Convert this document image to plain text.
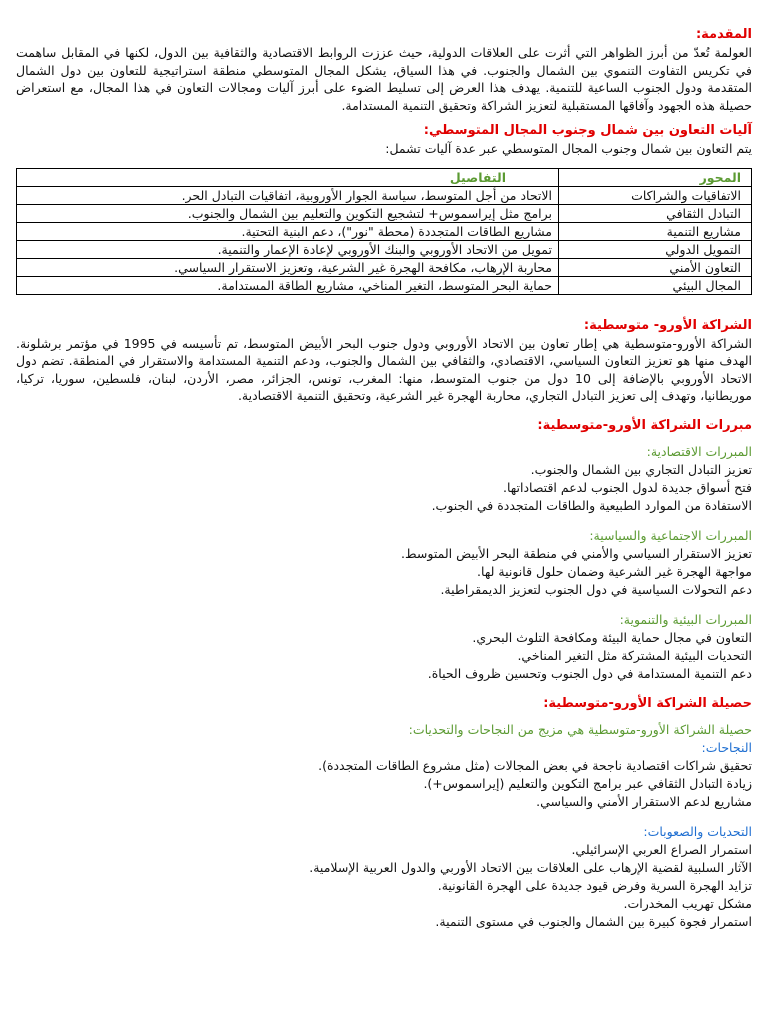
المقدمة:

العولمة تُعدّ من أبرز الظواهر التي أثرت على العلاقات الدولية، حيث عززت الروابط الاقتصادية والثقافية بين الدول، لكنها في المقابل ساهمت في تكريس التفاوت التنموي بين الشمال والجنوب. في هذا السياق، يشكل المجال المتوسطي منطقة استراتيجية للتعاون بين دول الشمال المتقدمة ودول الجنوب الساعية للتنمية. يهدف هذا العرض إلى تسليط الضوء على أبرز آليات ومجالات التعاون في هذا المجال، مع استعراض حصيلة هذه الجهود وآفاقها المستقبلية لتعزيز الشراكة وتحقيق التنمية المستدامة.

آليات التعاون بين شمال وجنوب المجال المتوسطي:

يتم التعاون بين شمال وجنوب المجال المتوسطي عبر عدة آليات تشمل:

المحور	التفاصيل
الاتفاقيات والشراكات	الاتحاد من أجل المتوسط، سياسة الجوار الأوروبية، اتفاقيات التبادل الحر.
التبادل الثقافي	برامج مثل إيراسموس+ لتشجيع التكوين والتعليم بين الشمال والجنوب.
مشاريع التنمية	مشاريع الطاقات المتجددة (محطة "نور")، دعم البنية التحتية.
التمويل الدولي	تمويل من الاتحاد الأوروبي والبنك الأوروبي لإعادة الإعمار والتنمية.
التعاون الأمني	محاربة الإرهاب، مكافحة الهجرة غير الشرعية، وتعزيز الاستقرار السياسي.
المجال البيئي	حماية البحر المتوسط، التغير المناخي، مشاريع الطاقة المستدامة.

الشراكة الأورو- متوسطية:

الشراكة الأورو-متوسطية هي إطار تعاون بين الاتحاد الأوروبي ودول جنوب البحر الأبيض المتوسط، تم تأسيسه في 1995 في مؤتمر برشلونة. الهدف منها هو تعزيز التعاون السياسي، الاقتصادي، والثقافي بين الشمال والجنوب، ودعم التنمية المستدامة والاستقرار في المنطقة. تضم دول الاتحاد الأوروبي بالإضافة إلى 10 دول من جنوب المتوسط، منها: المغرب، تونس، الجزائر، مصر، الأردن، لبنان، فلسطين، سوريا، تركيا، موريطانيا، وتهدف إلى تعزيز التبادل التجاري، محاربة الهجرة غير الشرعية، وتحقيق التنمية الاقتصادية.

مبررات الشراكة الأورو-متوسطية:

المبررات الاقتصادية:

تعزيز التبادل التجاري بين الشمال والجنوب.

فتح أسواق جديدة لدول الجنوب لدعم اقتصاداتها.

الاستفادة من الموارد الطبيعية والطاقات المتجددة في الجنوب.

المبررات الاجتماعية والسياسية:

تعزيز الاستقرار السياسي والأمني في منطقة البحر الأبيض المتوسط.

مواجهة الهجرة غير الشرعية وضمان حلول قانونية لها.

دعم التحولات السياسية في دول الجنوب لتعزيز الديمقراطية.

المبررات البيئية والتنموية:

التعاون في مجال حماية البيئة ومكافحة التلوث البحري.

التحديات البيئية المشتركة مثل التغير المناخي.

دعم التنمية المستدامة في دول الجنوب وتحسين ظروف الحياة.

حصيلة الشراكة الأورو-متوسطية:

حصيلة الشراكة الأورو-متوسطية هي مزيج من النجاحات والتحديات:

النجاحات:

تحقيق شراكات اقتصادية ناجحة في بعض المجالات (مثل مشروع الطاقات المتجددة).

زيادة التبادل الثقافي عبر برامج التكوين والتعليم (إيراسموس+).

مشاريع لدعم الاستقرار الأمني والسياسي.

التحديات والصعوبات:

استمرار الصراع العربي الإسرائيلي.

الآثار السلبية لقضية الإرهاب على العلاقات بين الاتحاد الأوربي والدول العربية الإسلامية.

تزايد الهجرة السرية وفرض قيود جديدة على الهجرة القانونية.

مشكل تهريب المخدرات.

استمرار فجوة كبيرة بين الشمال والجنوب في مستوى التنمية.
